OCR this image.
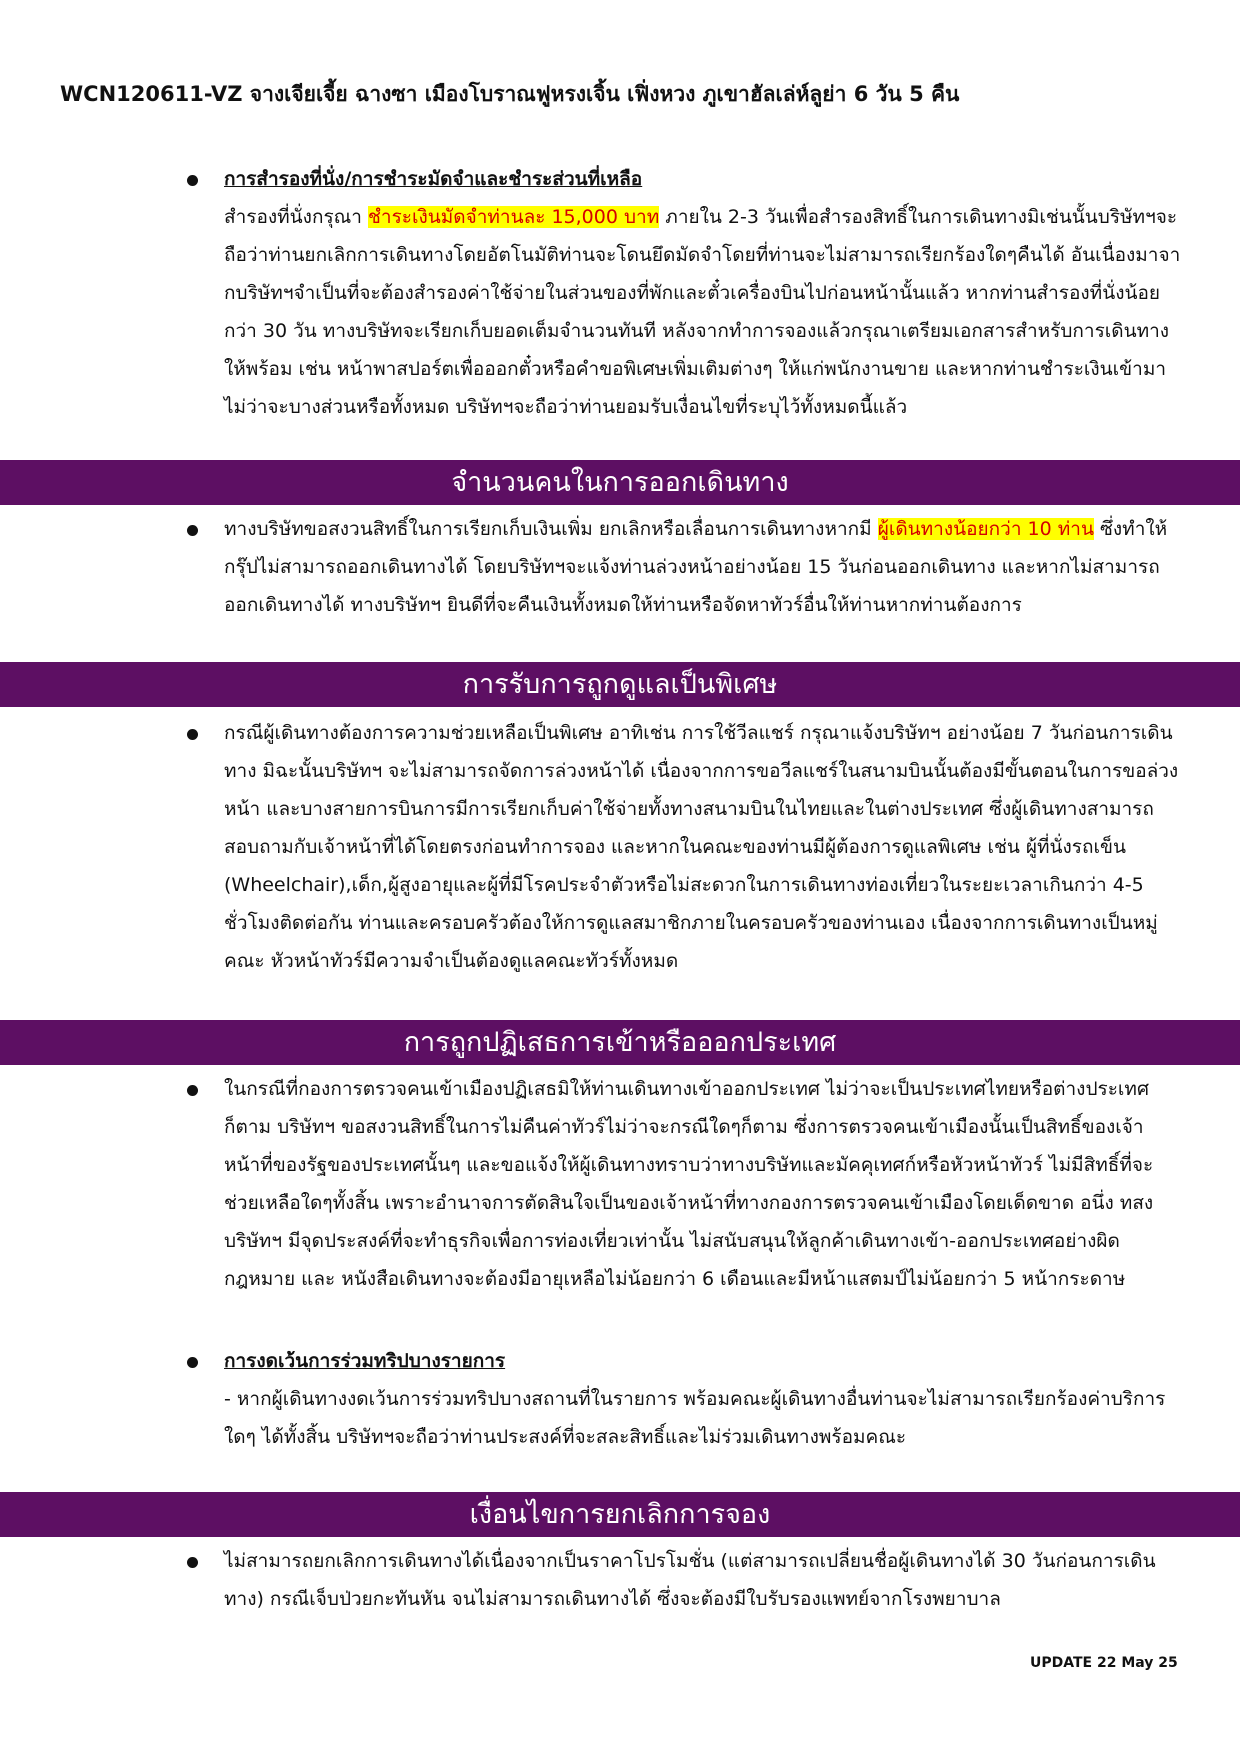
WCN120611-VZ จางเจียเจี้ย ฉางซา เมืองโบราณฟูหรงเจิ้น เฟิ่งหวง ภูเขาฮัลเล่ห์ลูย่า 6 วัน 5 คืน
การสำรองที่นั่ง/การชำระมัดจำและชำระส่วนที่เหลือ
สำรองที่นั่งกรุณา ชำระเงินมัดจำท่านละ 15,000 บาท ภายใน 2-3 วันเพื่อสำรองสิทธิ์ในการเดินทางมิเช่นนั้นบริษัทฯจะถือว่าท่านยกเลิกการเดินทางโดยอัตโนมัติท่านจะโดนยึดมัดจำโดยที่ท่านจะไม่สามารถเรียกร้องใดๆคืนได้ อันเนื่องมาจากบริษัทฯจำเป็นที่จะต้องสำรองค่าใช้จ่ายในส่วนของที่พักและตั๋วเครื่องบินไปก่อนหน้านั้นแล้ว หากท่านสำรองที่นั่งน้อยกว่า 30 วัน ทางบริษัทจะเรียกเก็บยอดเต็มจำนวนทันที หลังจากทำการจองแล้วกรุณาเตรียมเอกสารสำหรับการเดินทางให้พร้อม เช่น หน้าพาสปอร์ตเพื่อออกตั๋วหรือคำขอพิเศษเพิ่มเติมต่างๆ ให้แก่พนักงานขาย และหากท่านชำระเงินเข้ามาไม่ว่าจะบางส่วนหรือทั้งหมด บริษัทฯจะถือว่าท่านยอมรับเงื่อนไขที่ระบุไว้ทั้งหมดนี้แล้ว
จำนวนคนในการออกเดินทาง
ทางบริษัทขอสงวนสิทธิ์ในการเรียกเก็บเงินเพิ่ม ยกเลิกหรือเลื่อนการเดินทางหากมี ผู้เดินทางน้อยกว่า 10 ท่าน ซึ่งทำให้กรุ๊ปไม่สามารถออกเดินทางได้ โดยบริษัทฯจะแจ้งท่านล่วงหน้าอย่างน้อย 15 วันก่อนออกเดินทาง และหากไม่สามารถออกเดินทางได้ ทางบริษัทฯ ยินดีที่จะคืนเงินทั้งหมดให้ท่านหรือจัดหาทัวร์อื่นให้ท่านหากท่านต้องการ
การรับการถูกดูแลเป็นพิเศษ
กรณีผู้เดินทางต้องการความช่วยเหลือเป็นพิเศษ อาทิเช่น การใช้วีลแชร์ กรุณาแจ้งบริษัทฯ อย่างน้อย 7 วันก่อนการเดินทาง มิฉะนั้นบริษัทฯ จะไม่สามารถจัดการล่วงหน้าได้ เนื่องจากการขอวีลแชร์ในสนามบินนั้นต้องมีขั้นตอนในการขอล่วงหน้า และบางสายการบินการมีการเรียกเก็บค่าใช้จ่ายทั้งทางสนามบินในไทยและในต่างประเทศ ซึ่งผู้เดินทางสามารถสอบถามกับเจ้าหน้าที่ได้โดยตรงก่อนทำการจอง และหากในคณะของท่านมีผู้ต้องการดูแลพิเศษ เช่น ผู้ที่นั่งรถเข็น (Wheelchair),เด็ก,ผู้สูงอายุและผู้ที่มีโรคประจำตัวหรือไม่สะดวกในการเดินทางท่องเที่ยวในระยะเวลาเกินกว่า 4-5 ชั่วโมงติดต่อกัน ท่านและครอบครัวต้องให้การดูแลสมาชิกภายในครอบครัวของท่านเอง เนื่องจากการเดินทางเป็นหมู่คณะ หัวหน้าทัวร์มีความจำเป็นต้องดูแลคณะทัวร์ทั้งหมด
การถูกปฏิเสธการเข้าหรือออกประเทศ
ในกรณีที่กองการตรวจคนเข้าเมืองปฏิเสธมิให้ท่านเดินทางเข้าออกประเทศ ไม่ว่าจะเป็นประเทศไทยหรือต่างประเทศก็ตาม บริษัทฯ ขอสงวนสิทธิ์ในการไม่คืนค่าทัวร์ไม่ว่าจะกรณีใดๆก็ตาม ซึ่งการตรวจคนเข้าเมืองนั้นเป็นสิทธิ์ของเจ้าหน้าที่ของรัฐของประเทศนั้นๆ และขอแจ้งให้ผู้เดินทางทราบว่าทางบริษัทและมัคคุเทศก์หรือหัวหน้าทัวร์ ไม่มีสิทธิ์ที่จะช่วยเหลือใดๆทั้งสิ้น เพราะอำนาจการตัดสินใจเป็นของเจ้าหน้าที่ทางกองการตรวจคนเข้าเมืองโดยเด็ดขาด อนึ่ง ทสงบริษัทฯ มีจุดประสงค์ที่จะทำธุรกิจเพื่อการท่องเที่ยวเท่านั้น ไม่สนับสนุนให้ลูกค้าเดินทางเข้า-ออกประเทศอย่างผิดกฎหมาย และ หนังสือเดินทางจะต้องมีอายุเหลือไม่น้อยกว่า 6 เดือนและมีหน้าแสตมป์ไม่น้อยกว่า 5 หน้ากระดาษ
การงดเว้นการร่วมทริปบางรายการ
- หากผู้เดินทางงดเว้นการร่วมทริปบางสถานที่ในรายการ พร้อมคณะผู้เดินทางอื่นท่านจะไม่สามารถเรียกร้องค่าบริการใดๆ ได้ทั้งสิ้น บริษัทฯจะถือว่าท่านประสงค์ที่จะสละสิทธิ์และไม่ร่วมเดินทางพร้อมคณะ
เงื่อนไขการยกเลิกการจอง
ไม่สามารถยกเลิกการเดินทางได้เนื่องจากเป็นราคาโปรโมชั่น (แต่สามารถเปลี่ยนชื่อผู้เดินทางได้ 30 วันก่อนการเดินทาง) กรณีเจ็บป่วยกะทันหัน จนไม่สามารถเดินทางได้ ซึ่งจะต้องมีใบรับรองแพทย์จากโรงพยาบาล
UPDATE 22 May 25
